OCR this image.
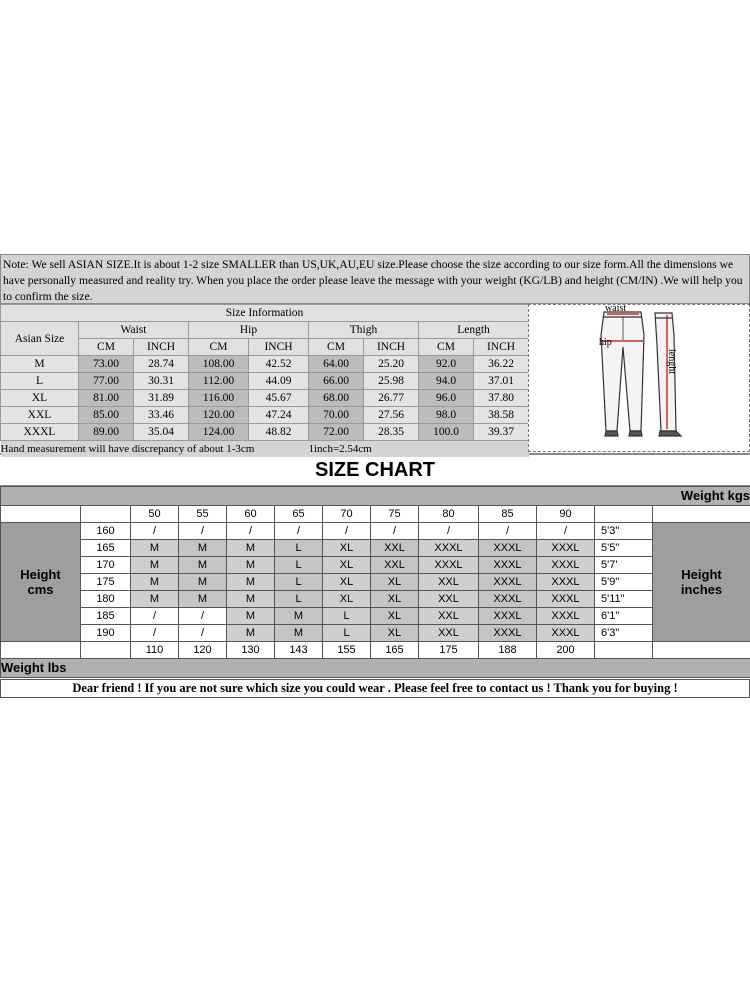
Note: We sell ASIAN SIZE.It is about 1-2 size SMALLER than US,UK,AU,EU size.Please choose the size according to our size form.All the dimensions we have personally measured and reality try. When you place the order please leave the message with your weight (KG/LB) and height (CM/IN) .We will help you to confirm the size.
Size Information								
Asian Size	Waist		Hip		Thigh		Length	
	CM	INCH	CM	INCH	CM	INCH	CM	INCH
M	73.00	28.74	108.00	42.52	64.00	25.20	92.0	36.22
L	77.00	30.31	112.00	44.09	66.00	25.98	94.0	37.01
XL	81.00	31.89	116.00	45.67	68.00	26.77	96.0	37.80
XXL	85.00	33.46	120.00	47.24	70.00	27.56	98.0	38.58
XXXL	89.00	35.04	124.00	48.82	72.00	28.35	100.0	39.37
Hand measurement will have discrepancy of about 1-3cm					1inch=2.54cm			
waist
hip
lenght
SIZE CHART
Weight kgs												
		50	55	60	65	70	75	80	85	90		
Height
cms	160	/	/	/	/	/	/	/	/	/	5'3"	Height
inches
	165	M	M	M	L	XL	XXL	XXXL	XXXL	XXXL	5'5"	
	170	M	M	M	L	XL	XXL	XXXL	XXXL	XXXL	5'7'	
	175	M	M	M	L	XL	XL	XXL	XXXL	XXXL	5'9"	
	180	M	M	M	L	XL	XL	XXL	XXXL	XXXL	5'11"	
	185	/	/	M	M	L	XL	XXL	XXXL	XXXL	6'1"	
	190	/	/	M	M	L	XL	XXL	XXXL	XXXL	6'3"	
		110	120	130	143	155	165	175	188	200		
Weight lbs												
Dear friend ! If you are not sure which size you could wear . Please feel free to contact us ! Thank you for buying !
